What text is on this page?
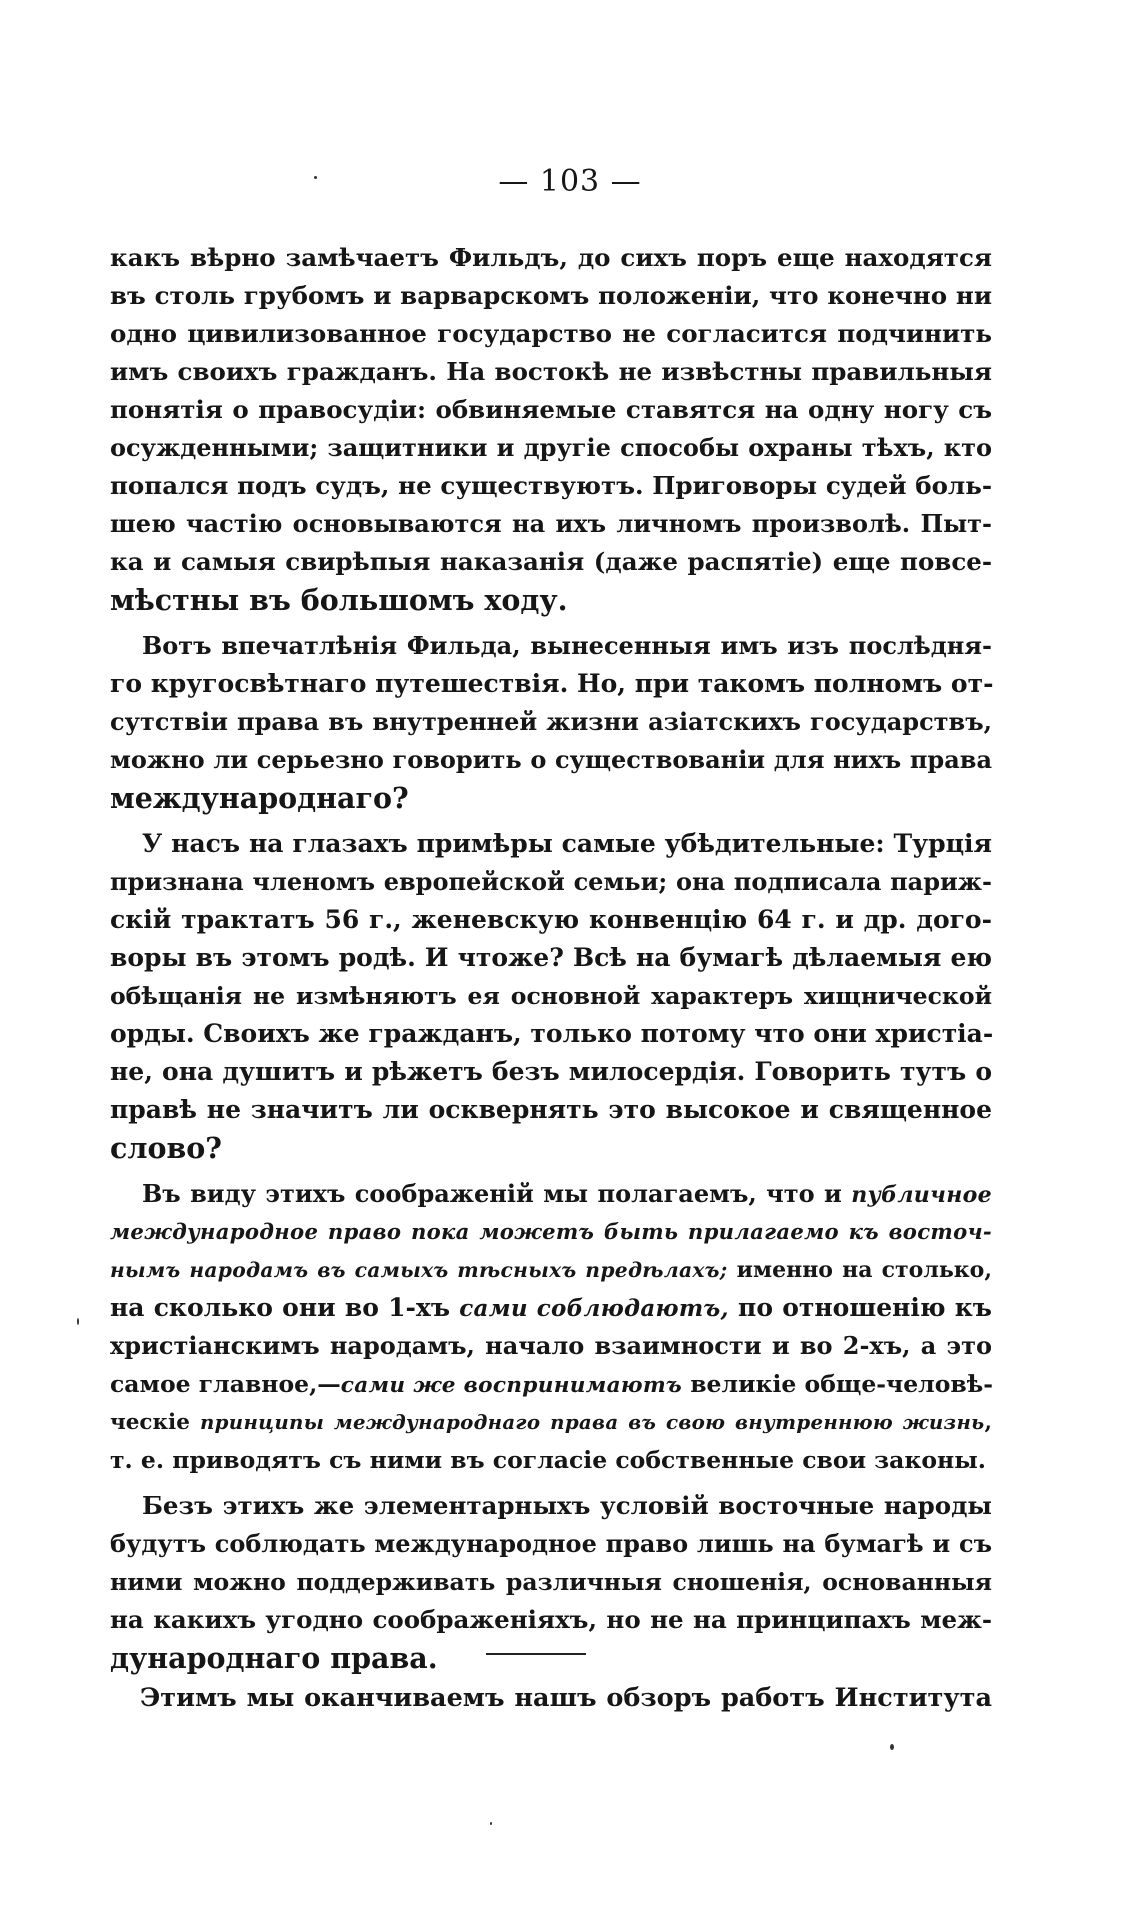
— 103 —
какъ вѣрно замѣчаетъ Фильдъ, до сихъ поръ еще находятся
въ столь грубомъ и варварскомъ положенiи, что конечно ни
одно цивилизованное государство не согласится подчинить
имъ своихъ гражданъ. На востокѣ не извѣстны правильныя
понятiя о правосудiи: обвиняемые ставятся на одну ногу съ
осужденными; защитники и другiе способы охраны тѣхъ, кто
попался подъ судъ, не существуютъ. Приговоры судей боль-
шею частiю основываются на ихъ личномъ произволѣ. Пыт-
ка и самыя свирѣпыя наказанiя (даже распятiе) еще повсе-
мѣстны въ большомъ ходу.
Вотъ впечатлѣнiя Фильда, вынесенныя имъ изъ послѣдня-
го кругосвѣтнаго путешествiя. Но, при такомъ полномъ от-
сутствiи права въ внутренней жизни азiатскихъ государствъ,
можно ли серьезно говорить о существованiи для нихъ права
международнаго?
У насъ на глазахъ примѣры самые убѣдительные: Турцiя
признана членомъ европейской семьи; она подписала париж-
скiй трактатъ 56 г., женевскую конвенцiю 64 г. и др. дого-
воры въ этомъ родѣ. И чтоже? Всѣ на бумагѣ дѣлаемыя ею
обѣщанiя не измѣняютъ ея основной характеръ хищнической
орды. Своихъ же гражданъ, только потому что они христiа-
не, она душитъ и рѣжетъ безъ милосердiя. Говорить тутъ о
правѣ не значитъ ли осквернять это высокое и священное
слово?
Въ виду этихъ соображенiй мы полагаемъ, что и публичное
международное право пока можетъ быть прилагаемо къ восточ-
нымъ народамъ въ самыхъ тѣсныхъ предѣлахъ; именно на столько,
на сколько они во 1-хъ сами соблюдаютъ, по отношенiю къ
христiанскимъ народамъ, начало взаимности и во 2-хъ, а это
самое главное,—сами же воспринимаютъ великiе обще-человѣ-
ческiе принципы международнаго права въ свою внутреннюю жизнь,
т. е. приводятъ съ ними въ согласiе собственные свои законы.
Безъ этихъ же элементарныхъ условiй восточные народы
будутъ соблюдать международное право лишь на бумагѣ и съ
ними можно поддерживать различныя сношенiя, основанныя
на какихъ угодно соображенiяхъ, но не на принципахъ меж-
дународнаго права.
Этимъ мы оканчиваемъ нашъ обзоръ работъ Института
